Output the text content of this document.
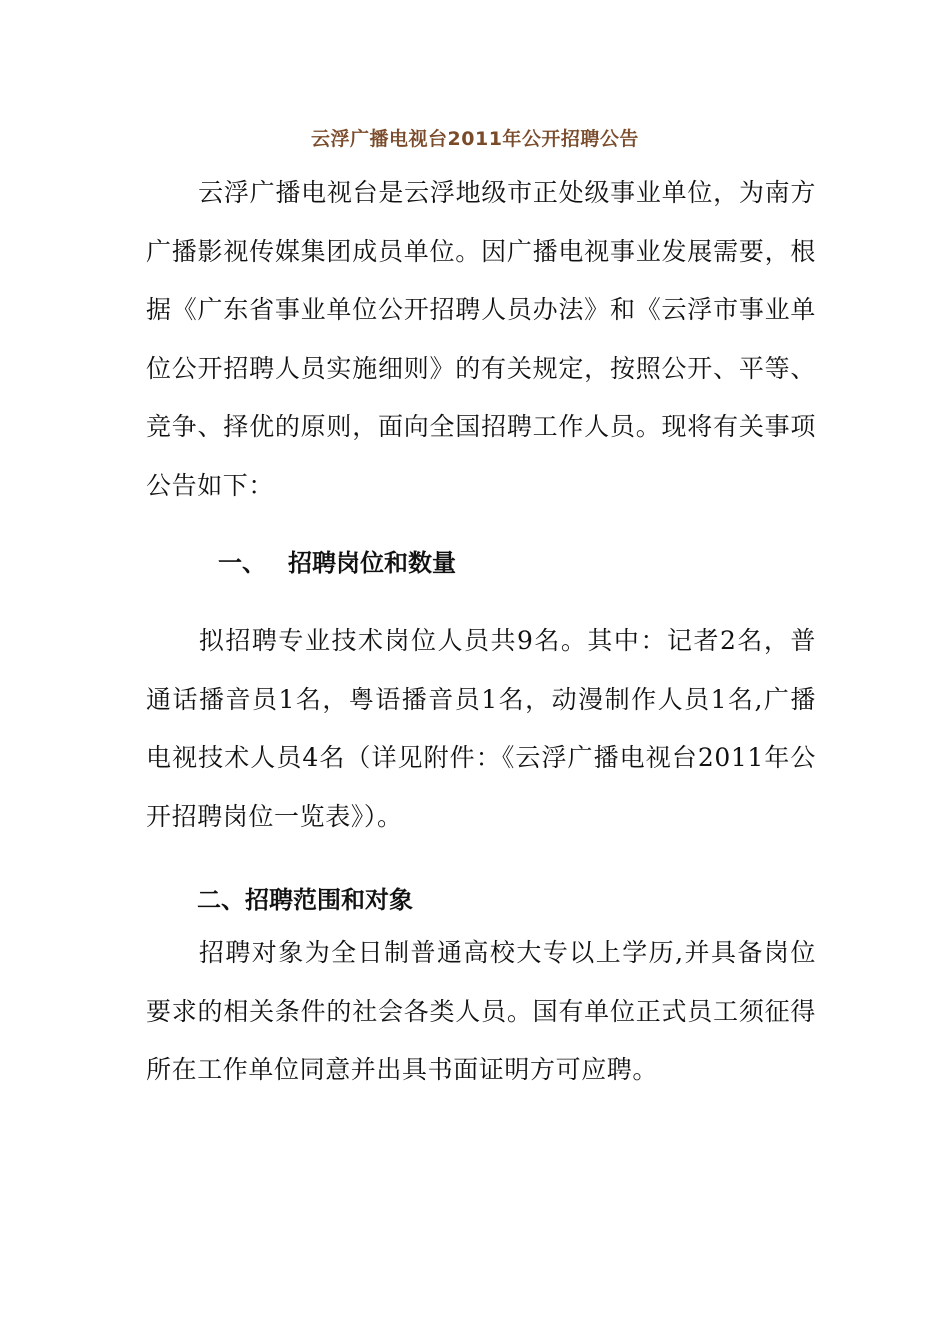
云浮广播电视台2011年公开招聘公告
云浮广播电视台是云浮地级市正处级事业单位，为南方广播影视传媒集团成员单位。因广播电视事业发展需要，根据《广东省事业单位公开招聘人员办法》和《云浮市事业单位公开招聘人员实施细则》的有关规定，按照公开、平等、竞争、择优的原则，面向全国招聘工作人员。现将有关事项公告如下：
一、 招聘岗位和数量
拟招聘专业技术岗位人员共9名。其中：记者2名，普通话播音员1名，粤语播音员1名，动漫制作人员1名,广播电视技术人员4名（详见附件：《云浮广播电视台2011年公开招聘岗位一览表》）。
二、招聘范围和对象
招聘对象为全日制普通高校大专以上学历,并具备岗位要求的相关条件的社会各类人员。国有单位正式员工须征得所在工作单位同意并出具书面证明方可应聘。
